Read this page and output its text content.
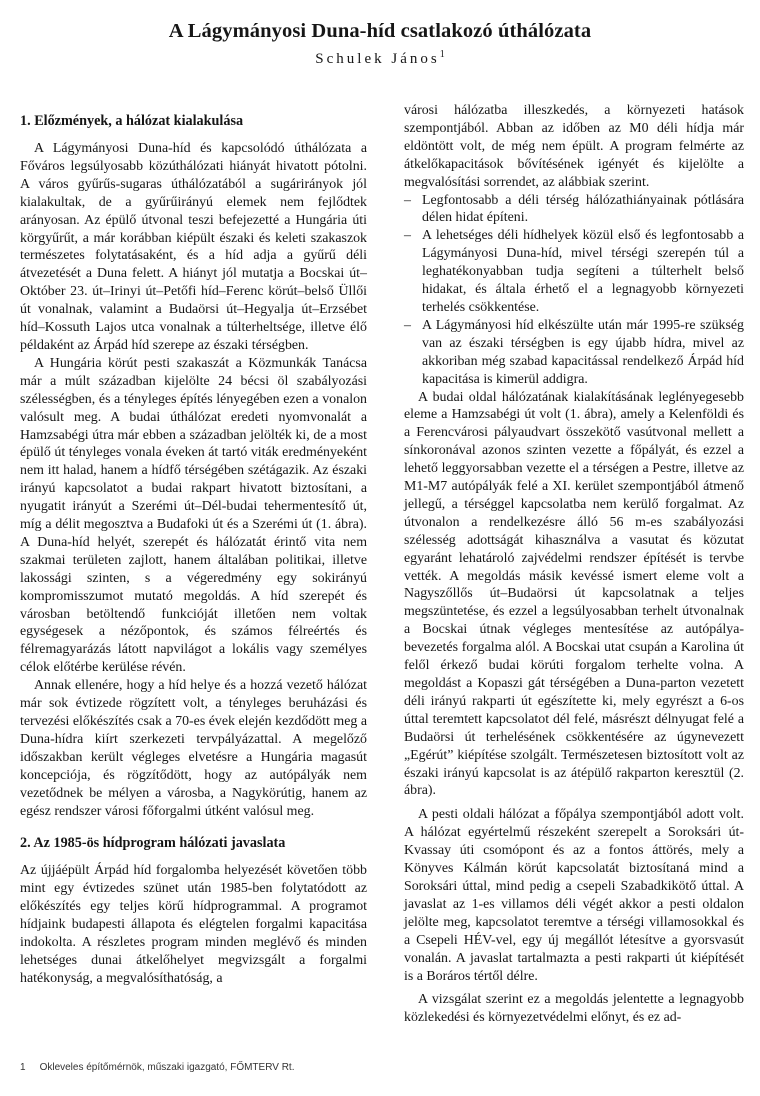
A Lágymányosi Duna-híd csatlakozó úthálózata
Schulek János$^1$
1. Előzmények, a hálózat kialakulása

A Lágymányosi Duna-híd és kapcsolódó úthálózata a Főváros legsúlyosabb közúthálózati hiányát hivatott pótolni. A város gyűrűs-sugaras úthálózatából a sugárirányok jól kialakultak, de a gyűrűirányú elemek nem fejlődtek arányosan. Az épülő útvonal teszi befejezetté a Hungária úti körgyűrűt, a már korábban kiépült északi és keleti szakaszok természetes folytatásaként, és a híd adja a gyűrű déli átvezetését a Duna felett. A hiányt jól mutatja a Bocskai út–Október 23. út–Irinyi út–Petőfi híd–Ferenc körút–belső Üllői út vonalnak, valamint a Budaörsi út–Hegyalja út–Erzsébet híd–Kossuth Lajos utca vonalnak a túlterheltsége, illetve élő példaként az Árpád híd szerepe az északi térségben.

A Hungária körút pesti szakaszát a Közmunkák Tanácsa már a múlt században kijelölte 24 bécsi öl szabályozási szélességben, és a tényleges építés lényegében ezen a vonalon valósult meg. A budai úthálózat eredeti nyomvonalát a Hamzsabégi útra már ebben a században jelölték ki, de a most épülő út tényleges vonala éveken át tartó viták eredményeként nem itt halad, hanem a hídfő térségében szétágazik. Az északi irányú kapcsolatot a budai rakpart hivatott biztosítani, a nyugatit irányút a Szerémi út–Dél-budai tehermentesítő út, míg a délit megosztva a Budafoki út és a Szerémi út (1. ábra). A Duna-híd helyét, szerepét és hálózatát érintő vita nem szakmai területen zajlott, hanem általában politikai, illetve lakossági szinten, s a végeredmény egy sokirányú kompromisszumot mutató megoldás. A híd szerepét és városban betöltendő funkcióját illetően nem voltak egységesek a nézőpontok, és számos félreértés és félremagyarázás látott napvilágot a lokális vagy személyes célok előtérbe kerülése révén.

Annak ellenére, hogy a híd helye és a hozzá vezető hálózat már sok évtizede rögzített volt, a tényleges beruházási és tervezési előkészítés csak a 70-es évek elején kezdődött meg a Duna-hídra kiírt szerkezeti tervpályázattal. A megelőző időszakban került végleges elvetésre a Hungária magasút koncepciója, és rögzítődött, hogy az autópályák nem vezetődnek be mélyen a városba, a Nagykörútig, hanem az egész rendszer városi főforgalmi útként valósul meg.

2. Az 1985-ös hídprogram hálózati javaslata

Az újjáépült Árpád híd forgalomba helyezését követően több mint egy évtizedes szünet után 1985-ben folytatódott az előkészítés egy teljes körű hídprogrammal. A programot hídjaink budapesti állapota és elégtelen forgalmi kapacitása indokolta. A részletes program minden meglévő és minden lehetséges dunai átkelőhelyet megvizsgált a forgalmi hatékonyság, a megvalósíthatóság, a

városi hálózatba illeszkedés, a környezeti hatások szempontjából. Abban az időben az M0 déli hídja már eldöntött volt, de még nem épült. A program felmérte az átkelőkapacitások bővítésének igényét és kijelölte a megvalósítási sorrendet, az alábbiak szerint.

– Legfontosabb a déli térség hálózathiányainak pótlására délen hidat építeni.
– A lehetséges déli hídhelyek közül első és legfontosabb a Lágymányosi Duna-híd, mivel térségi szerepén túl a leghatékonyabban tudja segíteni a túlterhelt belső hidakat, és általa érhető el a legnagyobb környezeti terhelés csökkentése.
– A Lágymányosi híd elkészülte után már 1995-re szükség van az északi térségben is egy újabb hídra, mivel az akkoriban még szabad kapacitással rendelkező Árpád híd kapacitása is kimerül addigra.

A budai oldal hálózatának kialakításának leglényegesebb eleme a Hamzsabégi út volt (1. ábra), amely a Kelenföldi és a Ferencvárosi pályaudvart összekötő vasútvonal mellett a sínkoronával azonos szinten vezette a főpályát, és ezzel a lehető leggyorsabban vezette el a térségen a Pestre, illetve az M1-M7 autópályák felé a XI. kerület szempontjából átmenő jellegű, a térséggel kapcsolatba nem kerülő forgalmat. Az útvonalon a rendelkezésre álló 56 m-es szabályozási szélesség adottságát kihasználva a vasutat és közutat egyaránt lehatároló zajvédelmi rendszer építését is tervbe vették. A megoldás másik kevéssé ismert eleme volt a Nagyszőllős út–Budaörsi út kapcsolatnak a teljes megszüntetése, és ezzel a legsúlyosabban terhelt útvonalnak a Bocskai útnak végleges mentesítése az autópálya-bevezetés forgalma alól. A Bocskai utat csupán a Karolina út felől érkező budai körúti forgalom terhelte volna. A megoldást a Kopaszi gát térségében a Duna-parton vezetett déli irányú rakparti út egészítette ki, mely egyrészt a 6-os úttal teremtett kapcsolatot dél felé, másrészt délnyugat felé a Budaörsi út terhelésének csökkentésére az úgynevezett „Egérút” kiépítése szolgált. Természetesen biztosított volt az északi irányú kapcsolat is az átépülő rakparton keresztül (2. ábra).

A pesti oldali hálózat a főpálya szempontjából adott volt. A hálózat egyértelmű részeként szerepelt a Soroksári út-Kvassay úti csomópont és az a fontos áttörés, mely a Könyves Kálmán körút kapcsolatát biztosítaná mind a Soroksári úttal, mind pedig a csepeli Szabadkikötő úttal. A javaslat az 1-es villamos déli végét akkor a pesti oldalon jelölte meg, kapcsolatot teremtve a térségi villamosokkal és a Csepeli HÉV-vel, egy új megállót létesítve a gyorsvasút vonalán. A javaslat tartalmazta a pesti rakparti út kiépítését is a Boráros tértől délre.

A vizsgálat szerint ez a megoldás jelentette a legnagyobb közlekedési és környezetvédelmi előnyt, és ez ad-

1 Okleveles építőmérnök, műszaki igazgató, FŐMTERV Rt.
